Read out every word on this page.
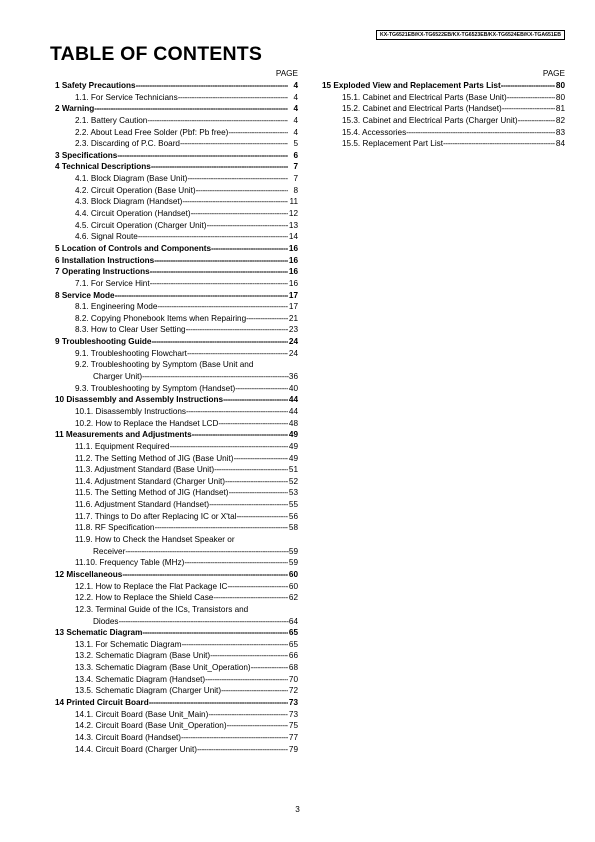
KX-TG6521EB/KX-TG6522EB/KX-TG6523EB/KX-TG6524EB/KX-TGA651EB
TABLE OF CONTENTS
PAGE
1 Safety Precautions -----	4
1.1. For Service Technicians -----	4
2 Warning -----	4
2.1. Battery Caution -----	4
2.2. About Lead Free Solder (Pbf: Pb free) -----	4
2.3. Discarding of P.C. Board -----	5
3 Specifications -----	6
4 Technical Descriptions -----	7
4.1. Block Diagram (Base Unit) -----	7
4.2. Circuit Operation (Base Unit) -----	8
4.3. Block Diagram (Handset) -----	11
4.4. Circuit Operation (Handset) -----	12
4.5. Circuit Operation (Charger Unit) -----	13
4.6. Signal Route -----	14
5 Location of Controls and Components -----	16
6 Installation Instructions -----	16
7 Operating Instructions -----	16
7.1. For Service Hint -----	16
8 Service Mode -----	17
8.1. Engineering Mode -----	17
8.2. Copying Phonebook Items when Repairing -----	21
8.3. How to Clear User Setting -----	23
9 Troubleshooting Guide -----	24
9.1. Troubleshooting Flowchart -----	24
9.2. Troubleshooting by Symptom (Base Unit and
Charger Unit) -----	36
9.3. Troubleshooting by Symptom (Handset) -----	40
10 Disassembly and Assembly Instructions -----	44
10.1. Disassembly Instructions -----	44
10.2. How to Replace the Handset LCD -----	48
11 Measurements and Adjustments -----	49
11.1. Equipment Required -----	49
11.2. The Setting Method of JIG (Base Unit) -----	49
11.3. Adjustment Standard (Base Unit) -----	51
11.4. Adjustment Standard (Charger Unit) -----	52
11.5. The Setting Method of JIG (Handset) -----	53
11.6. Adjustment Standard (Handset) -----	55
11.7. Things to Do after Replacing IC or X'tal -----	56
11.8. RF Specification -----	58
11.9. How to Check the Handset Speaker or
Receiver -----	59
11.10. Frequency Table (MHz) -----	59
12 Miscellaneous -----	60
12.1. How to Replace the Flat Package IC -----	60
12.2. How to Replace the Shield Case -----	62
12.3. Terminal Guide of the ICs, Transistors and
Diodes -----	64
13 Schematic Diagram -----	65
13.1. For Schematic Diagram -----	65
13.2. Schematic Diagram (Base Unit) -----	66
13.3. Schematic Diagram (Base Unit_Operation) -----	68
13.4. Schematic Diagram (Handset) -----	70
13.5. Schematic Diagram (Charger Unit) -----	72
14 Printed Circuit Board -----	73
14.1. Circuit Board (Base Unit_Main) -----	73
14.2. Circuit Board (Base Unit_Operation) -----	75
14.3. Circuit Board (Handset) -----	77
14.4. Circuit Board (Charger Unit) -----	79
PAGE
15 Exploded View and Replacement Parts List -----	80
15.1. Cabinet and Electrical Parts (Base Unit) -----	80
15.2. Cabinet and Electrical Parts (Handset) -----	81
15.3. Cabinet and Electrical Parts (Charger Unit) -----	82
15.4. Accessories -----	83
15.5. Replacement Part List -----	84
3
